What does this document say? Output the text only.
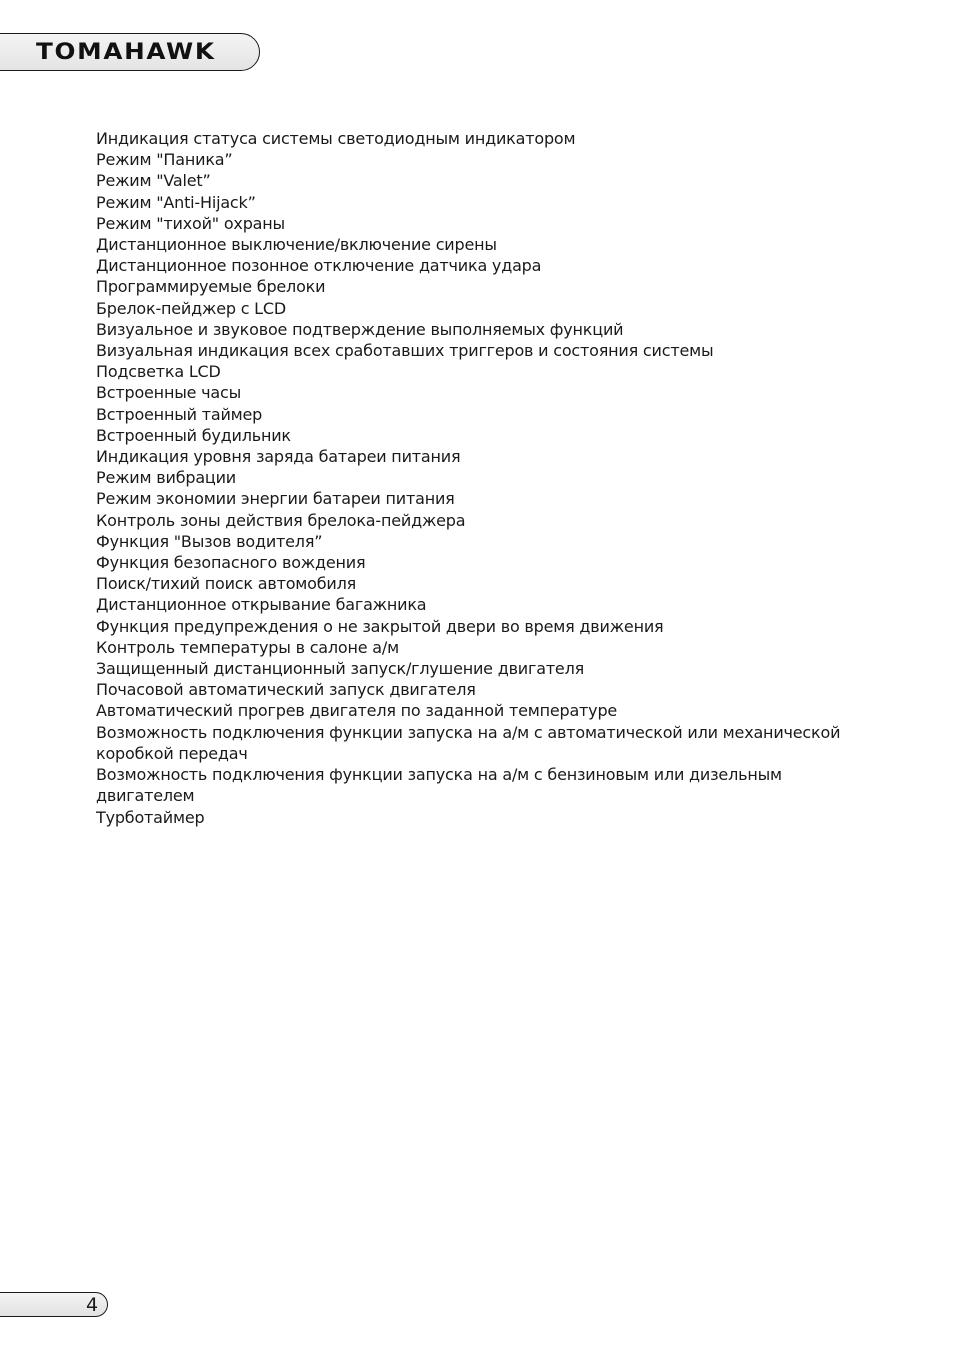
TOMAHAWK
Индикация статуса системы светодиодным индикатором
Режим "Паника”
Режим "Valet”
Режим "Anti-Hijack”
Режим "тихой" охраны
Дистанционное выключение/включение сирены
Дистанционное позонное отключение датчика удара
Программируемые брелоки
Брелок-пейджер с LCD
Визуальное и звуковое подтверждение выполняемых функций
Визуальная индикация всех сработавших триггеров и состояния системы
Подсветка LCD
Встроенные часы
Встроенный таймер
Встроенный будильник
Индикация уровня заряда батареи питания
Режим вибрации
Режим экономии энергии батареи питания
Контроль зоны действия брелока-пейджера
Функция "Вызов водителя”
Функция безопасного вождения
Поиск/тихий поиск автомобиля
Дистанционное открывание багажника
Функция предупреждения о не закрытой двери во время движения
Контроль температуры в салоне а/м
Защищенный дистанционный запуск/глушение двигателя
Почасовой автоматический запуск двигателя
Автоматический прогрев двигателя по заданной температуре
Возможность подключения функции запуска на а/м с автоматической или механической коробкой передач
Возможность подключения функции запуска на а/м с бензиновым или дизельным двигателем
Турботаймер
4
